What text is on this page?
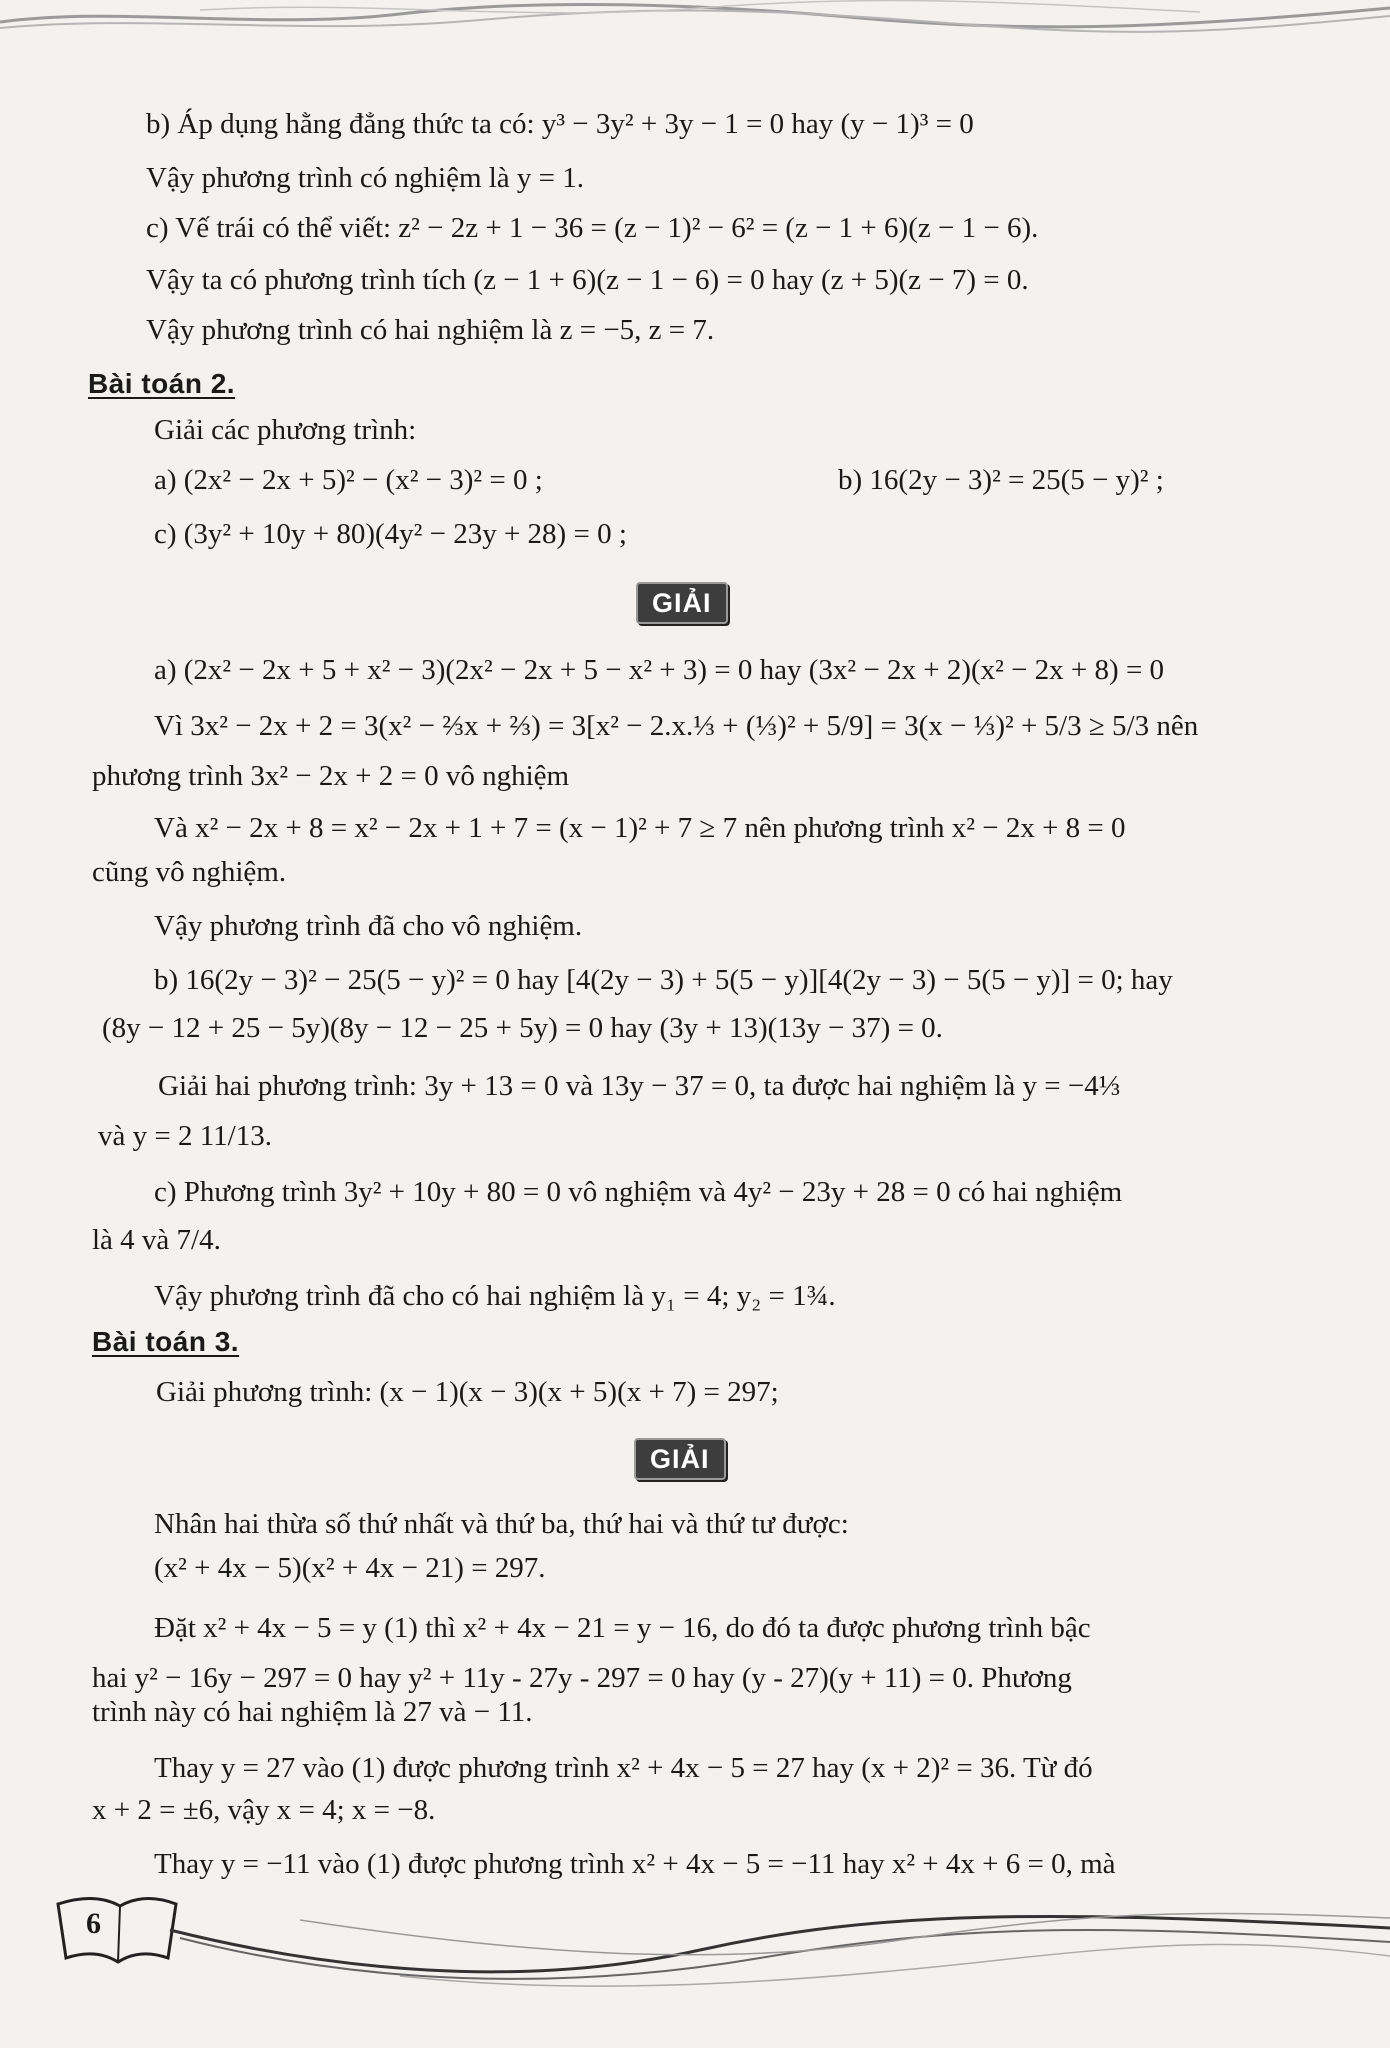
b) Áp dụng hằng đẳng thức ta có: y³ − 3y² + 3y − 1 = 0 hay (y − 1)³ = 0
Vậy phương trình có nghiệm là y = 1.
c) Vế trái có thể viết: z² − 2z + 1 − 36 = (z − 1)² − 6² = (z − 1 + 6)(z − 1 − 6).
Vậy ta có phương trình tích (z − 1 + 6)(z − 1 − 6) = 0 hay (z + 5)(z − 7) = 0.
Vậy phương trình có hai nghiệm là z = −5, z = 7.
Bài toán 2.
Giải các phương trình:
a) (2x² − 2x + 5)² − (x² − 3)² = 0 ;	b) 16(2y − 3)² = 25(5 − y)² ;
c) (3y² + 10y + 80)(4y² − 23y + 28) = 0 ;
GIẢI
a) (2x² − 2x + 5 + x² − 3)(2x² − 2x + 5 − x² + 3) = 0 hay (3x² − 2x + 2)(x² − 2x + 8) = 0
Vì 3x² − 2x + 2 = 3(x² − ⅔x + ⅔) = 3[x² − 2.x.⅓ + (⅓)² + 5/9] = 3(x − ⅓)² + 5/3 ≥ 5/3 nên
phương trình 3x² − 2x + 2 = 0 vô nghiệm
Và x² − 2x + 8 = x² − 2x + 1 + 7 = (x − 1)² + 7 ≥ 7 nên phương trình x² − 2x + 8 = 0
cũng vô nghiệm.
Vậy phương trình đã cho vô nghiệm.
b) 16(2y − 3)² − 25(5 − y)² = 0 hay [4(2y − 3) + 5(5 − y)][4(2y − 3) − 5(5 − y)] = 0; hay
(8y − 12 + 25 − 5y)(8y − 12 − 25 + 5y) = 0 hay (3y + 13)(13y − 37) = 0.
Giải hai phương trình: 3y + 13 = 0 và 13y − 37 = 0, ta được hai nghiệm là y = −4⅓
và y = 2 11/13.
c) Phương trình 3y² + 10y + 80 = 0 vô nghiệm và 4y² − 23y + 28 = 0 có hai nghiệm
là 4 và 7/4.
Vậy phương trình đã cho có hai nghiệm là y₁ = 4; y₂ = 1¾.
Bài toán 3.
Giải phương trình: (x − 1)(x − 3)(x + 5)(x + 7) = 297;
GIẢI
Nhân hai thừa số thứ nhất và thứ ba, thứ hai và thứ tư được:
(x² + 4x − 5)(x² + 4x − 21) = 297.
Đặt x² + 4x − 5 = y (1) thì x² + 4x − 21 = y − 16, do đó ta được phương trình bậc
hai y² − 16y − 297 = 0 hay y² + 11y - 27y - 297 = 0 hay (y - 27)(y + 11) = 0. Phương
trình này có hai nghiệm là 27 và − 11.
Thay y = 27 vào (1) được phương trình x² + 4x − 5 = 27 hay (x + 2)² = 36. Từ đó
x + 2 = ±6, vậy x = 4; x = −8.
Thay y = −11 vào (1) được phương trình x² + 4x − 5 = −11 hay x² + 4x + 6 = 0, mà
6
